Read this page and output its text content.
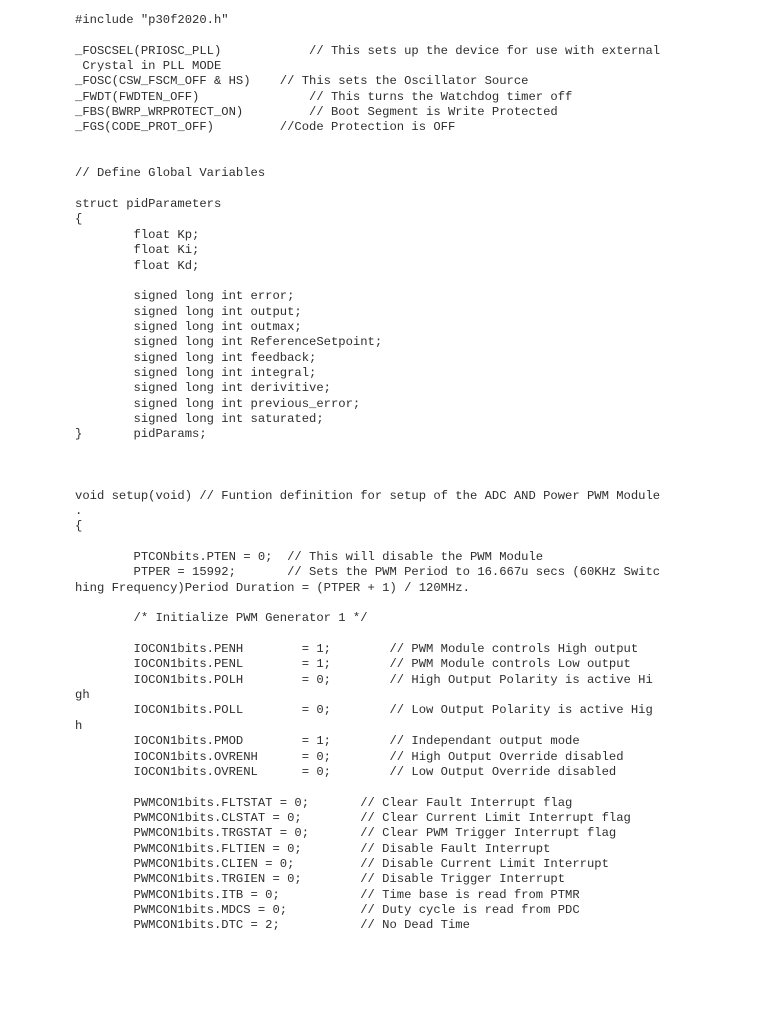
#include "p30f2020.h"

_FOSCSEL(PRIOSC_PLL)            // This sets up the device for use with external
Crystal in PLL MODE
_FOSC(CSW_FSCM_OFF & HS)    // This sets the Oscillator Source
_FWDT(FWDTEN_OFF)               // This turns the Watchdog timer off
_FBS(BWRP_WRPROTECT_ON)         // Boot Segment is Write Protected
_FGS(CODE_PROT_OFF)         //Code Protection is OFF

// Define Global Variables

struct pidParameters
{
float Kp;
float Ki;
float Kd;

signed long int error;
signed long int output;
signed long int outmax;
signed long int ReferenceSetpoint;
signed long int feedback;
signed long int integral;
signed long int derivitive;
signed long int previous_error;
signed long int saturated;
}       pidParams;

void setup(void) // Funtion definition for setup of the ADC AND Power PWM Module
.
{

PTCONbits.PTEN = 0;  // This will disable the PWM Module
PTPER = 15992;       // Sets the PWM Period to 16.667u secs (60KHz Switc
hing Frequency)Period Duration = (PTPER + 1) / 120MHz.

/* Initialize PWM Generator 1 */

IOCON1bits.PENH        = 1;        // PWM Module controls High output
IOCON1bits.PENL        = 1;        // PWM Module controls Low output
IOCON1bits.POLH        = 0;        // High Output Polarity is active Hi
gh
IOCON1bits.POLL        = 0;        // Low Output Polarity is active Hig
h
IOCON1bits.PMOD        = 1;        // Independant output mode
IOCON1bits.OVRENH      = 0;        // High Output Override disabled
IOCON1bits.OVRENL      = 0;        // Low Output Override disabled

PWMCON1bits.FLTSTAT = 0;       // Clear Fault Interrupt flag
PWMCON1bits.CLSTAT = 0;        // Clear Current Limit Interrupt flag
PWMCON1bits.TRGSTAT = 0;       // Clear PWM Trigger Interrupt flag
PWMCON1bits.FLTIEN = 0;        // Disable Fault Interrupt
PWMCON1bits.CLIEN = 0;         // Disable Current Limit Interrupt
PWMCON1bits.TRGIEN = 0;        // Disable Trigger Interrupt
PWMCON1bits.ITB = 0;           // Time base is read from PTMR
PWMCON1bits.MDCS = 0;          // Duty cycle is read from PDC
PWMCON1bits.DTC = 2;           // No Dead Time
